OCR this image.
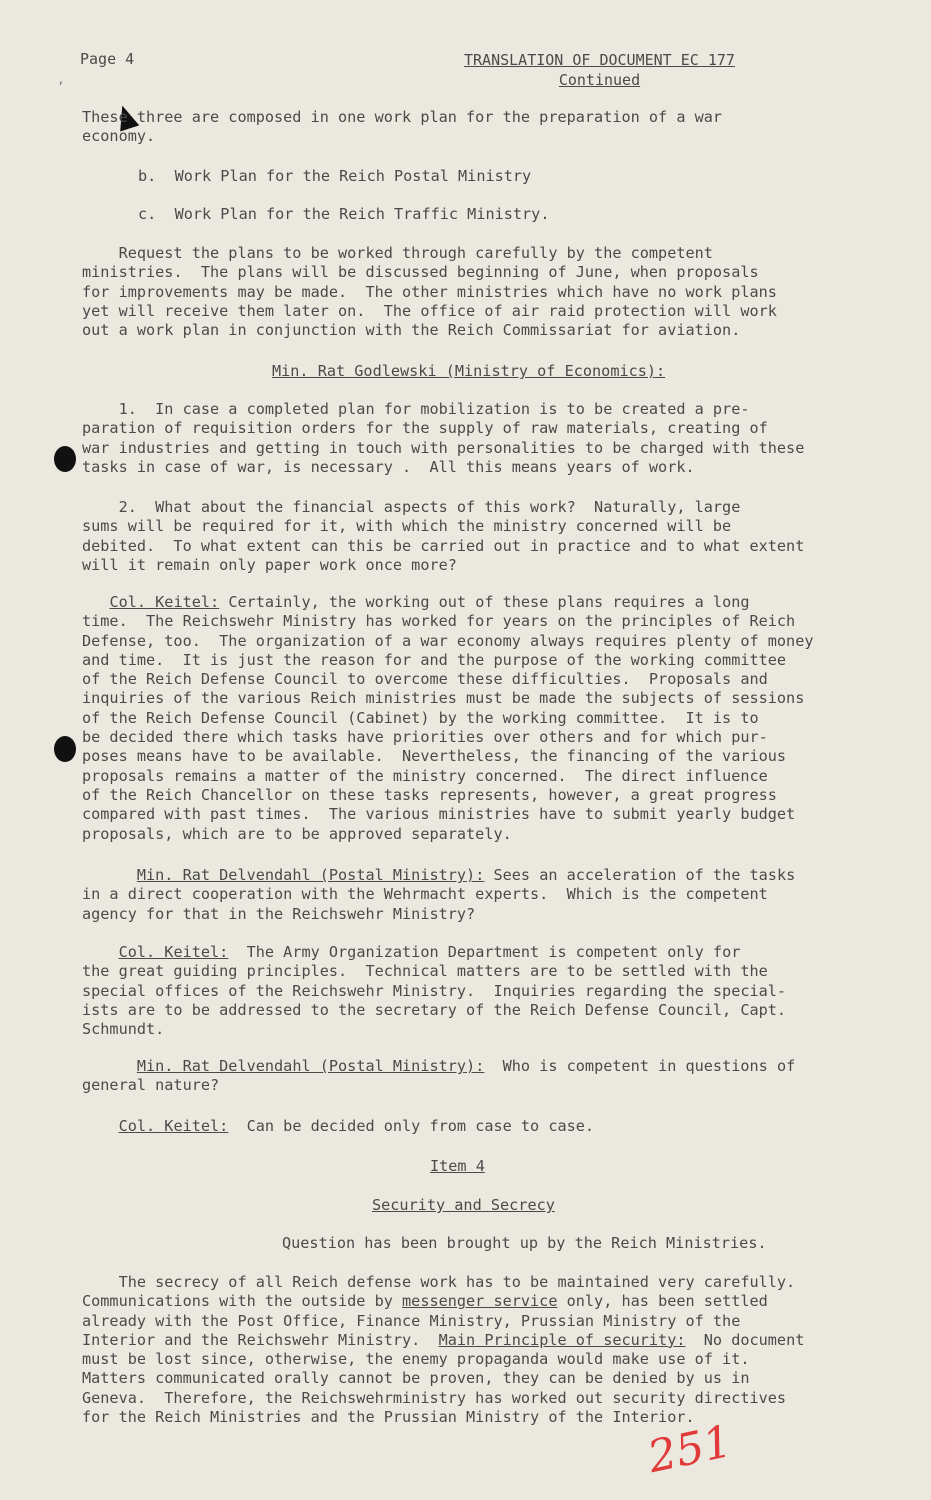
Page 4	TRANSLATION OF DOCUMENT EC 177
Continued
’
These three are composed in one work plan for the preparation of a war
economy.
b.  Work Plan for the Reich Postal Ministry
c.  Work Plan for the Reich Traffic Ministry.
Request the plans to be worked through carefully by the competent
ministries.  The plans will be discussed beginning of June, when proposals
for improvements may be made.  The other ministries which have no work plans
yet will receive them later on.  The office of air raid protection will work
out a work plan in conjunction with the Reich Commissariat for aviation.
Min. Rat Godlewski (Ministry of Economics):
1.  In case a completed plan for mobilization is to be created a pre-
paration of requisition orders for the supply of raw materials, creating of
war industries and getting in touch with personalities to be charged with these
tasks in case of war, is necessary .  All this means years of work.
2.  What about the financial aspects of this work?  Naturally, large
sums will be required for it, with which the ministry concerned will be
debited.  To what extent can this be carried out in practice and to what extent
will it remain only paper work once more?
Col. Keitel: Certainly, the working out of these plans requires a long
time.  The Reichswehr Ministry has worked for years on the principles of Reich
Defense, too.  The organization of a war economy always requires plenty of money
and time.  It is just the reason for and the purpose of the working committee
of the Reich Defense Council to overcome these difficulties.  Proposals and
inquiries of the various Reich ministries must be made the subjects of sessions
of the Reich Defense Council (Cabinet) by the working committee.  It is to
be decided there which tasks have priorities over others and for which pur-
poses means have to be available.  Nevertheless, the financing of the various
proposals remains a matter of the ministry concerned.  The direct influence
of the Reich Chancellor on these tasks represents, however, a great progress
compared with past times.  The various ministries have to submit yearly budget
proposals, which are to be approved separately.
Min. Rat Delvendahl (Postal Ministry): Sees an acceleration of the tasks
in a direct cooperation with the Wehrmacht experts.  Which is the competent
agency for that in the Reichswehr Ministry?
Col. Keitel:  The Army Organization Department is competent only for
the great guiding principles.  Technical matters are to be settled with the
special offices of the Reichswehr Ministry.  Inquiries regarding the special-
ists are to be addressed to the secretary of the Reich Defense Council, Capt.
Schmundt.
Min. Rat Delvendahl (Postal Ministry):  Who is competent in questions of
general nature?
Col. Keitel:  Can be decided only from case to case.
Item 4
Security and Secrecy
Question has been brought up by the Reich Ministries.
The secrecy of all Reich defense work has to be maintained very carefully.
Communications with the outside by messenger service only, has been settled
already with the Post Office, Finance Ministry, Prussian Ministry of the
Interior and the Reichswehr Ministry.  Main Principle of security:  No document
must be lost since, otherwise, the enemy propaganda would make use of it.
Matters communicated orally cannot be proven, they can be denied by us in
Geneva.  Therefore, the Reichswehrministry has worked out security directives
for the Reich Ministries and the Prussian Ministry of the Interior.
251
